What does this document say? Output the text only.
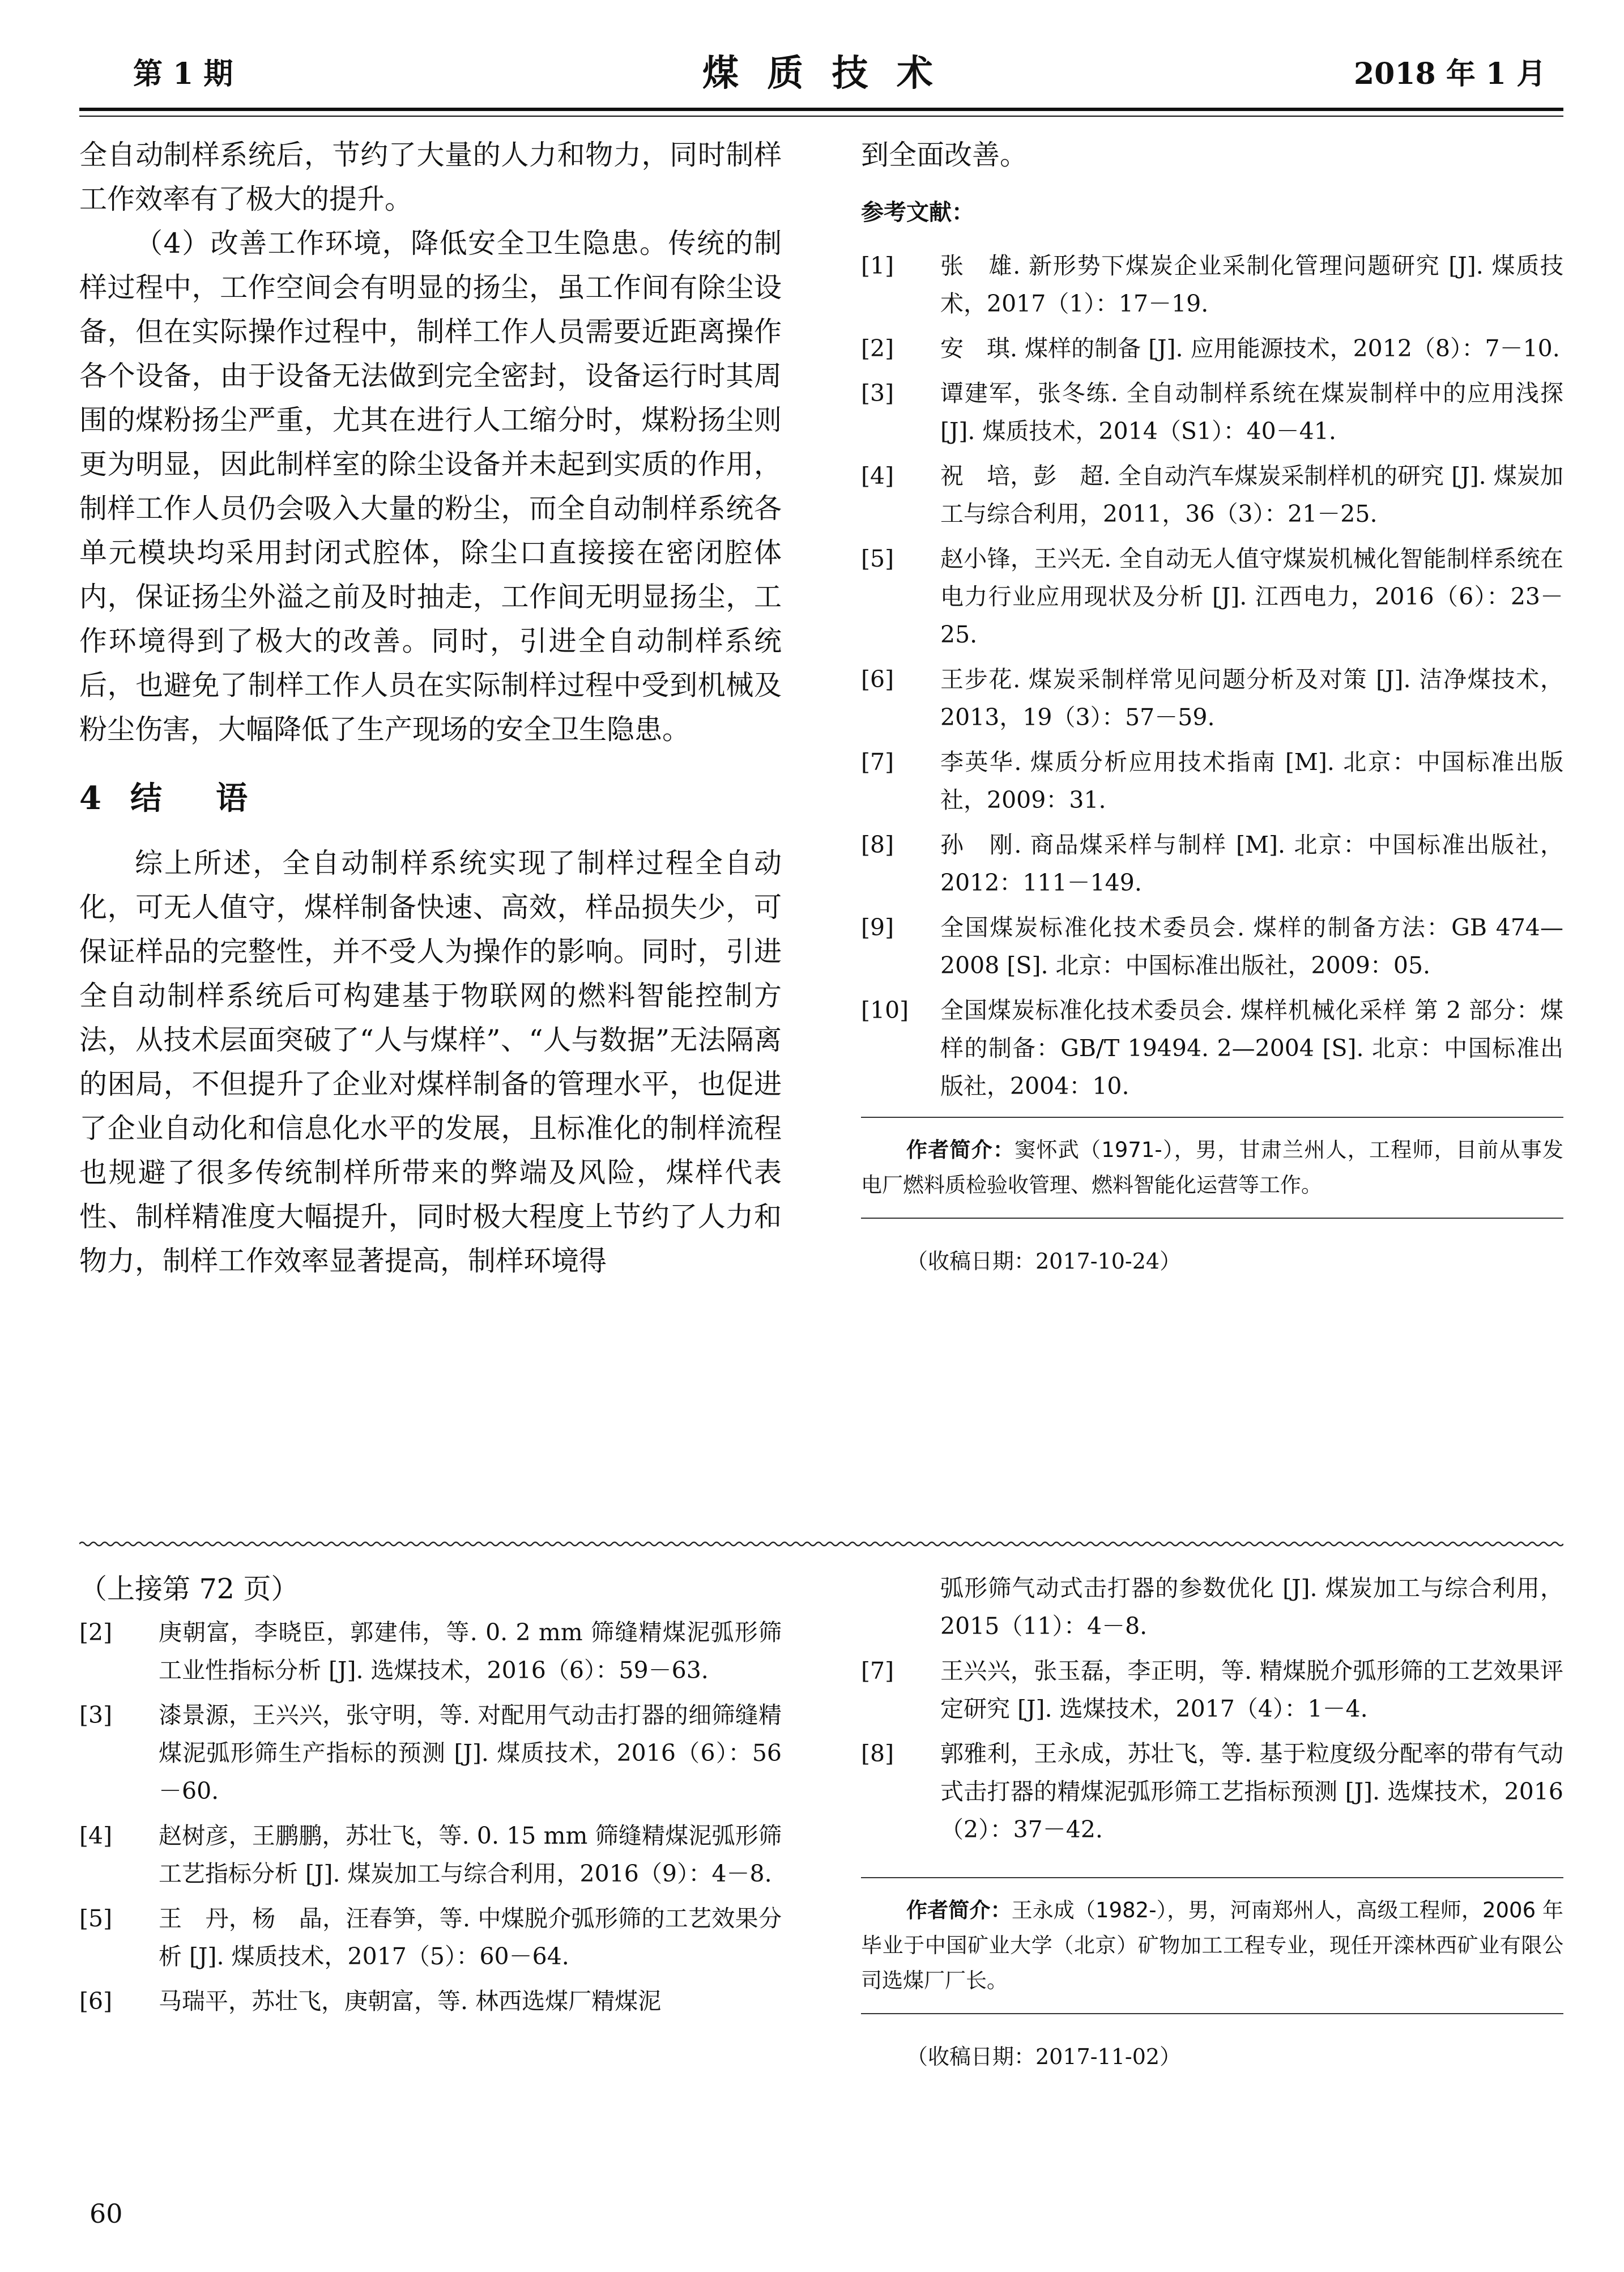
第 1 期	煤 质 技 术	2018 年 1 月

全自动制样系统后，节约了大量的人力和物力，同时制样工作效率有了极大的提升。

（4）改善工作环境，降低安全卫生隐患。传统的制样过程中，工作空间会有明显的扬尘，虽工作间有除尘设备，但在实际操作过程中，制样工作人员需要近距离操作各个设备，由于设备无法做到完全密封，设备运行时其周围的煤粉扬尘严重，尤其在进行人工缩分时，煤粉扬尘则更为明显，因此制样室的除尘设备并未起到实质的作用，制样工作人员仍会吸入大量的粉尘，而全自动制样系统各单元模块均采用封闭式腔体，除尘口直接接在密闭腔体内，保证扬尘外溢之前及时抽走，工作间无明显扬尘，工作环境得到了极大的改善。同时，引进全自动制样系统后，也避免了制样工作人员在实际制样过程中受到机械及粉尘伤害，大幅降低了生产现场的安全卫生隐患。

4 结语

综上所述，全自动制样系统实现了制样过程全自动化，可无人值守，煤样制备快速、高效，样品损失少，可保证样品的完整性，并不受人为操作的影响。同时，引进全自动制样系统后可构建基于物联网的燃料智能控制方法，从技术层面突破了“人与煤样”、“人与数据”无法隔离的困局，不但提升了企业对煤样制备的管理水平，也促进了企业自动化和信息化水平的发展，且标准化的制样流程也规避了很多传统制样所带来的弊端及风险，煤样代表性、制样精准度大幅提升，同时极大程度上节约了人力和物力，制样工作效率显著提高，制样环境得

到全面改善。

参考文献：
[1]	张　雄. 新形势下煤炭企业采制化管理问题研究 [J]. 煤质技术，2017（1）：17－19.
[2]	安　琪. 煤样的制备 [J]. 应用能源技术，2012（8）：7－10.
[3]	谭建军，张冬练. 全自动制样系统在煤炭制样中的应用浅探 [J]. 煤质技术，2014（S1）：40－41.
[4]	祝　培，彭　超. 全自动汽车煤炭采制样机的研究 [J]. 煤炭加工与综合利用，2011，36（3）：21－25.
[5]	赵小锋，王兴无. 全自动无人值守煤炭机械化智能制样系统在电力行业应用现状及分析 [J]. 江西电力，2016（6）：23－25.
[6]	王步花. 煤炭采制样常见问题分析及对策 [J]. 洁净煤技术，2013，19（3）：57－59.
[7]	李英华. 煤质分析应用技术指南 [M]. 北京：中国标准出版社，2009：31.
[8]	孙　刚. 商品煤采样与制样 [M]. 北京：中国标准出版社，2012：111－149.
[9]	全国煤炭标准化技术委员会. 煤样的制备方法：GB 474—2008 [S]. 北京：中国标准出版社，2009：05.
[10]	全国煤炭标准化技术委员会. 煤样机械化采样 第 2 部分：煤样的制备：GB/T 19494. 2—2004 [S]. 北京：中国标准出版社，2004：10.
作者简介：窦怀武（1971-），男，甘肃兰州人，工程师，目前从事发电厂燃料质检验收管理、燃料智能化运营等工作。
（收稿日期：2017-10-24）
（上接第 72 页）
[2]	庚朝富，李晓臣，郭建伟，等. 0. 2 mm 筛缝精煤泥弧形筛工业性指标分析 [J]. 选煤技术，2016（6）：59－63.
[3]	漆景源，王兴兴，张守明，等. 对配用气动击打器的细筛缝精煤泥弧形筛生产指标的预测 [J]. 煤质技术，2016（6）：56－60.
[4]	赵树彦，王鹏鹏，苏壮飞，等. 0. 15 mm 筛缝精煤泥弧形筛工艺指标分析 [J]. 煤炭加工与综合利用，2016（9）：4－8.
[5]	王　丹，杨　晶，汪春笋，等. 中煤脱介弧形筛的工艺效果分析 [J]. 煤质技术，2017（5）：60－64.
[6]	马瑞平，苏壮飞，庚朝富，等. 林西选煤厂精煤泥
弧形筛气动式击打器的参数优化 [J]. 煤炭加工与综合利用，2015（11）：4－8.
[7]	王兴兴，张玉磊，李正明，等. 精煤脱介弧形筛的工艺效果评定研究 [J]. 选煤技术，2017（4）：1－4.
[8]	郭雅利，王永成，苏壮飞，等. 基于粒度级分配率的带有气动式击打器的精煤泥弧形筛工艺指标预测 [J]. 选煤技术，2016（2）：37－42.
作者简介：王永成（1982-），男，河南郑州人，高级工程师，2006 年毕业于中国矿业大学（北京）矿物加工工程专业，现任开滦林西矿业有限公司选煤厂厂长。
（收稿日期：2017-11-02）
60
